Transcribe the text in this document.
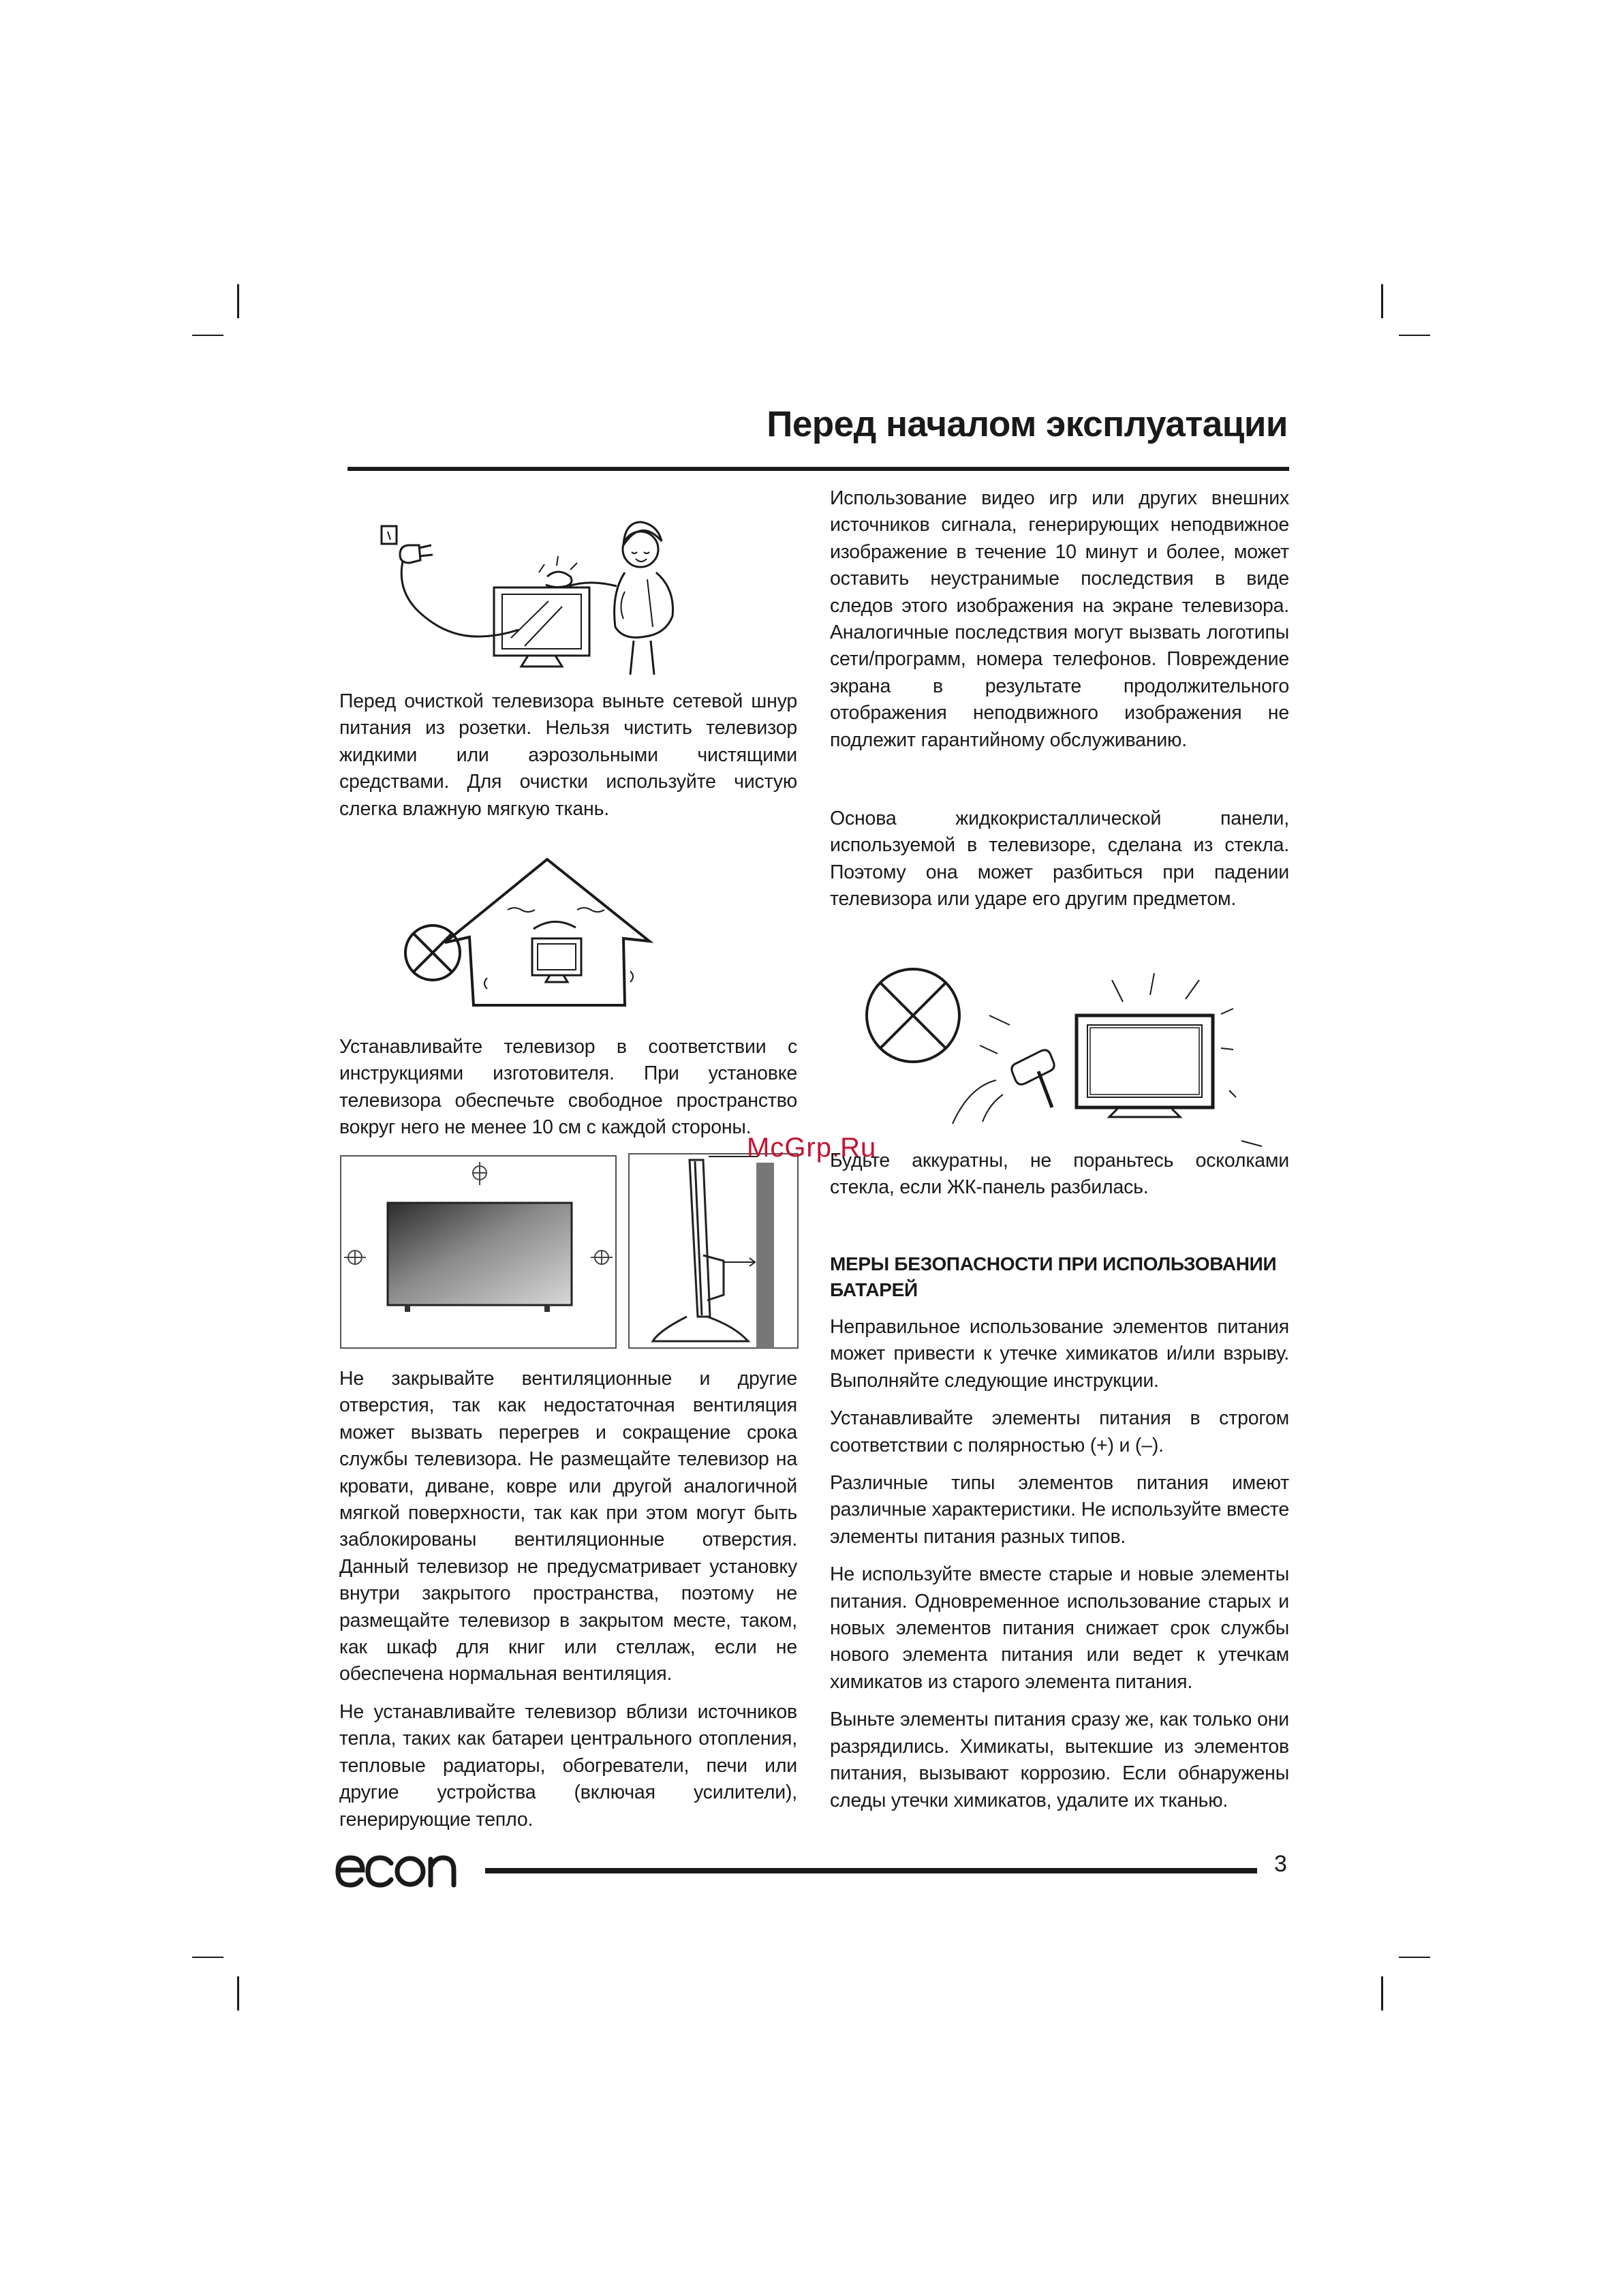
Перед началом эксплуатации

Перед очисткой телевизора выньте сетевой шнур питания из розетки. Нельзя чистить телевизор жидкими или аэрозольными чистящими средствами. Для очистки используйте чистую слегка влажную мягкую ткань.

Устанавливайте телевизор в соответствии с инструкциями изготовителя. При установке телевизора обеспечьте свободное пространство вокруг него не менее 10 см с каждой стороны.

Не закрывайте вентиляционные и другие отверстия, так как недостаточная вентиляция может вызвать перегрев и сокращение срока службы телевизора. Не размещайте телевизор на кровати, диване, ковре или другой аналогичной мягкой поверхности, так как при этом могут быть заблокированы вентиляционные отверстия. Данный телевизор не предусматривает установку внутри закрытого пространства, поэтому не размещайте телевизор в закрытом месте, таком, как шкаф для книг или стеллаж, если не обеспечена нормальная вентиляция.

Не устанавливайте телевизор вблизи источников тепла, таких как батареи центрального отопления, тепловые радиаторы, обогреватели, печи или другие устройства (включая усилители), генерирующие тепло.

Использование видео игр или других внешних источников сигнала, генерирующих неподвижное изображение в течение 10 минут и более, может оставить неустранимые последствия в виде следов этого изображения на экране телевизора. Аналогичные последствия могут вызвать логотипы сети/программ, номера телефонов. Повреждение экрана в результате продолжительного отображения неподвижного изображения не подлежит гарантийному обслуживанию.

Основа жидкокристаллической панели, используемой в телевизоре, сделана из стекла. Поэтому она может разбиться при падении телевизора или ударе его другим предметом.

McGrp.Ru

Будьте аккуратны, не пораньтесь осколками стекла, если ЖК-панель разбилась.

МЕРЫ БЕЗОПАСНОСТИ ПРИ ИСПОЛЬЗОВАНИИ БАТАРЕЙ

Неправильное использование элементов питания может привести к утечке химикатов и/или взрыву. Выполняйте следующие инструкции.

Устанавливайте элементы питания в строгом соответствии с полярностью (+) и (–).

Различные типы элементов питания имеют различные характеристики. Не используйте вместе элементы питания разных типов.

Не используйте вместе старые и новые элементы питания. Одновременное использование старых и новых элементов питания снижает срок службы нового элемента питания или ведет к утечкам химикатов из старого элемента питания.

Выньте элементы питания сразу же, как только они разрядились. Химикаты, вытекшие из элементов питания, вызывают коррозию. Если обнаружены следы утечки химикатов, удалите их тканью.

3
